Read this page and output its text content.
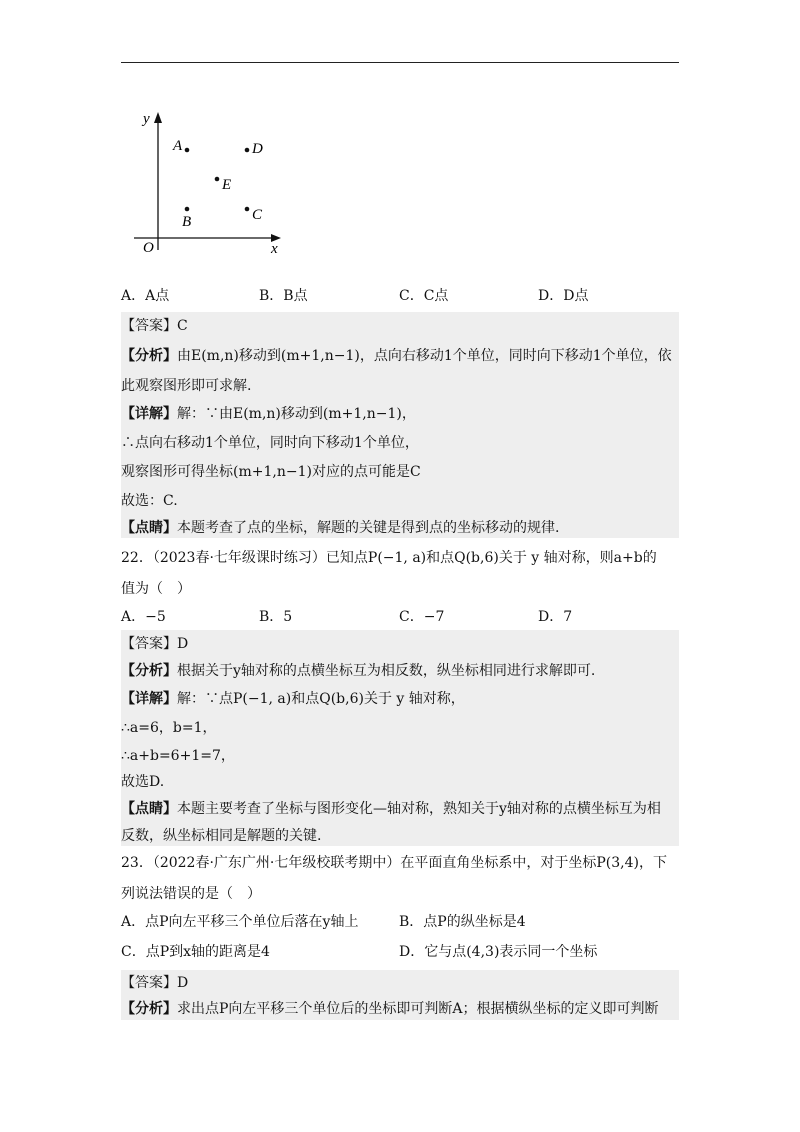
y
x
O
A	D
E
B	C
A．A点	B．B点	C．C点	D．D点
【答案】C
【分析】由E(m,n)移动到(m+1,n−1)，点向右移动1个单位，同时向下移动1个单位，依
此观察图形即可求解.
【详解】解：∵由E(m,n)移动到(m+1,n−1)，
∴点向右移动1个单位，同时向下移动1个单位，
观察图形可得坐标(m+1,n−1)对应的点可能是C
故选：C.
【点睛】本题考查了点的坐标，解题的关键是得到点的坐标移动的规律.
22．（2023春·七年级课时练习）已知点P(−1, a)和点Q(b,6)关于 y 轴对称，则a+b的
值为（　）
A．−5	B．5	C．−7	D．7
【答案】D
【分析】根据关于y轴对称的点横坐标互为相反数，纵坐标相同进行求解即可.
【详解】解：∵点P(−1, a)和点Q(b,6)关于 y 轴对称，
∴a=6，b=1，
∴a+b=6+1=7，
故选D.
【点睛】本题主要考查了坐标与图形变化—轴对称，熟知关于y轴对称的点横坐标互为相
反数，纵坐标相同是解题的关键.
23．（2022春·广东广州·七年级校联考期中）在平面直角坐标系中，对于坐标P(3,4)，下
列说法错误的是（　）
A．点P向左平移三个单位后落在y轴上	B．点P的纵坐标是4
C．点P到x轴的距离是4	D．它与点(4,3)表示同一个坐标
【答案】D
【分析】求出点P向左平移三个单位后的坐标即可判断A；根据横纵坐标的定义即可判断
